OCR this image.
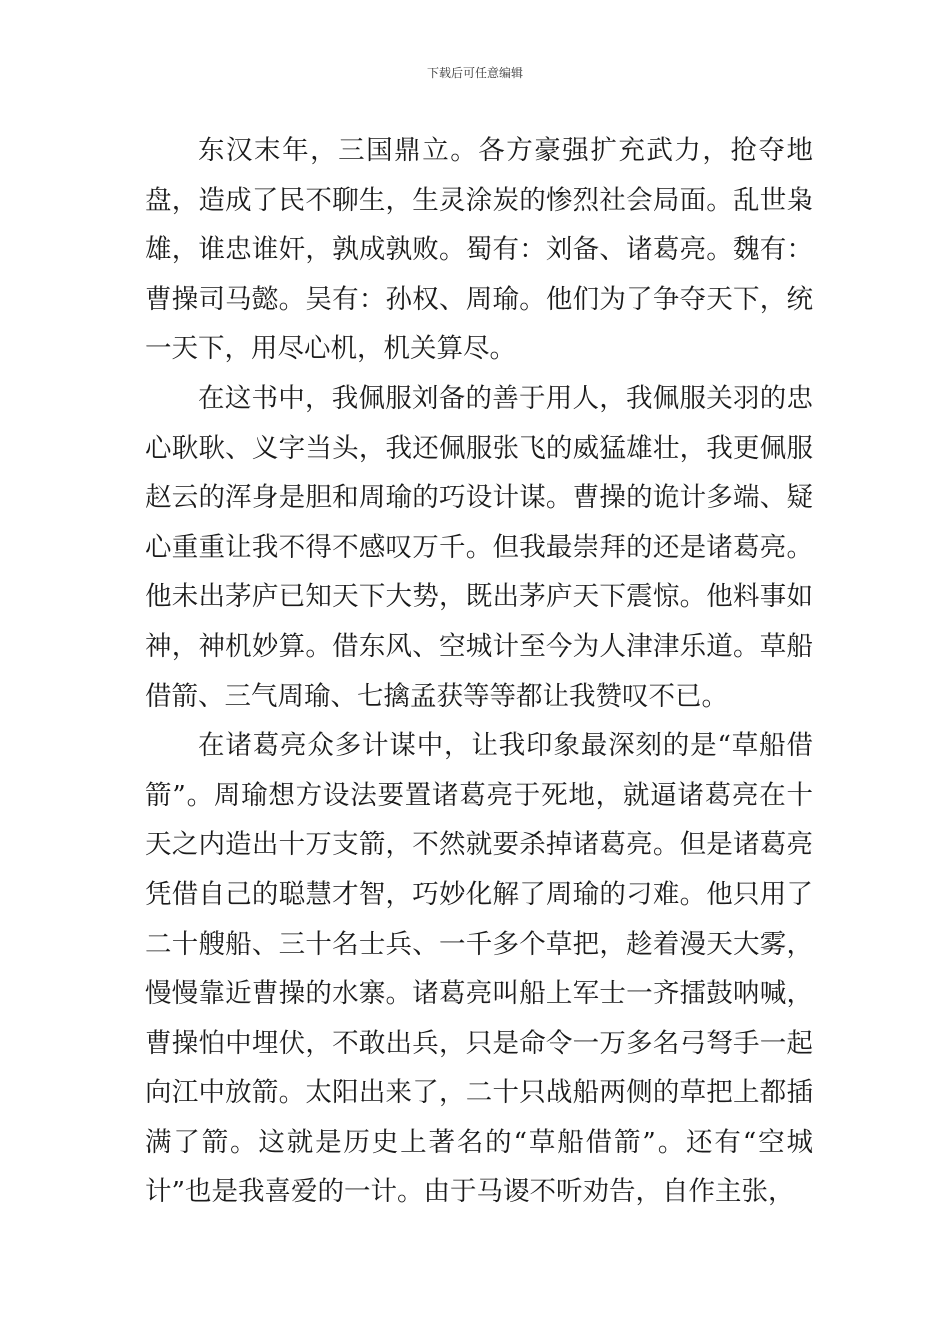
下载后可任意编辑

东汉末年，三国鼎立。各方豪强扩充武力，抢夺地盘，造成了民不聊生，生灵涂炭的惨烈社会局面。乱世枭雄，谁忠谁奸，孰成孰败。蜀有：刘备、诸葛亮。魏有：曹操司马懿。吴有：孙权、周瑜。他们为了争夺天下，统一天下，用尽心机，机关算尽。

在这书中，我佩服刘备的善于用人，我佩服关羽的忠心耿耿、义字当头，我还佩服张飞的威猛雄壮，我更佩服赵云的浑身是胆和周瑜的巧设计谋。曹操的诡计多端、疑心重重让我不得不感叹万千。但我最崇拜的还是诸葛亮。他未出茅庐已知天下大势，既出茅庐天下震惊。他料事如神，神机妙算。借东风、空城计至今为人津津乐道。草船借箭、三气周瑜、七擒孟获等等都让我赞叹不已。

在诸葛亮众多计谋中，让我印象最深刻的是“草船借箭”。周瑜想方设法要置诸葛亮于死地，就逼诸葛亮在十天之内造出十万支箭，不然就要杀掉诸葛亮。但是诸葛亮凭借自己的聪慧才智，巧妙化解了周瑜的刁难。他只用了二十艘船、三十名士兵、一千多个草把，趁着漫天大雾，慢慢靠近曹操的水寨。诸葛亮叫船上军士一齐擂鼓呐喊，曹操怕中埋伏，不敢出兵，只是命令一万多名弓弩手一起向江中放箭。太阳出来了，二十只战船两侧的草把上都插满了箭。这就是历史上著名的“草船借箭”。还有“空城计”也是我喜爱的一计。由于马谡不听劝告，自作主张，
